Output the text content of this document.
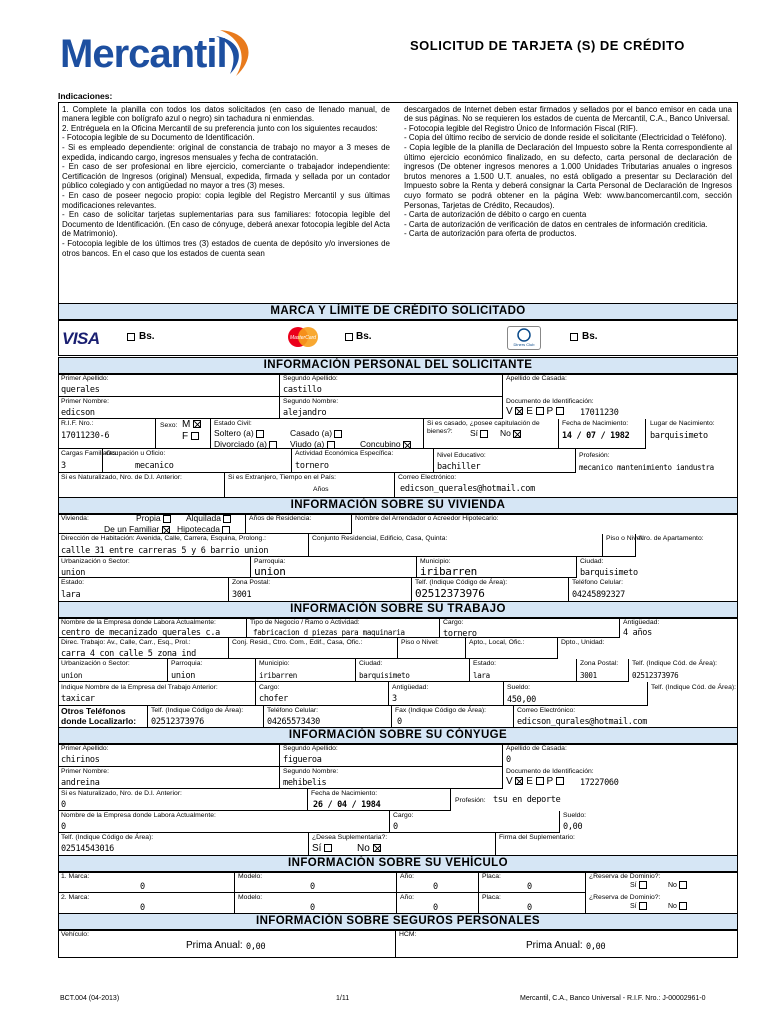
Mercantil	SOLICITUD DE TARJETA (S) DE CRÉDITO
Indicaciones:

1. Complete la planilla con todos los datos solicitados (en caso de llenado manual, de manera legible con bolígrafo azul o negro) sin tachadura ni enmiendas.

2. Entréguela en la Oficina Mercantil de su preferencia junto con los siguientes recaudos:

- Fotocopia legible de su Documento de Identificación.

- Si es empleado dependiente: original de constancia de trabajo no mayor a 3 meses de expedida, indicando cargo, ingresos mensuales y fecha de contratación.

- En caso de ser profesional en libre ejercicio, comerciante o trabajador independiente: Certificación de Ingresos (original) Mensual, expedida, firmada y sellada por un contador público colegiado y con antigüedad no mayor a tres (3) meses.

- En caso de poseer negocio propio: copia legible del Registro Mercantil y sus últimas modificaciones relevantes.

- En caso de solicitar tarjetas suplementarias para sus familiares: fotocopia legible del Documento de Identificación. (En caso de cónyuge, deberá anexar fotocopia legible del Acta de Matrimonio).

- Fotocopia legible de los últimos tres (3) estados de cuenta de depósito y/o inversiones de otros bancos. En el caso que los estados de cuenta sean

descargados de Internet deben estar firmados y sellados por el banco emisor en cada una de sus páginas. No se requieren los estados de cuenta de Mercantil, C.A., Banco Universal.

- Fotocopia legible del Registro Único de Información Fiscal (RIF).

- Copia del último recibo de servicio de donde reside el solicitante (Electricidad o Teléfono).

- Copia legible de la planilla de Declaración del Impuesto sobre la Renta correspondiente al último ejercicio económico finalizado, en su defecto, carta personal de declaración de ingresos (De obtener ingresos menores a 1.000 Unidades Tributarias anuales o ingresos brutos menores a 1.500 U.T. anuales, no está obligado a presentar su Declaración del Impuesto sobre la Renta y deberá consignar la Carta Personal de Declaración de Ingresos cuyo formato se podrá obtener en la página Web: www.bancomercantil.com, sección Personas, Tarjetas de Crédito, Recaudos).

- Carta de autorización de débito o cargo en cuenta

- Carta de autorización de verificación de datos en centrales de información crediticia.

- Carta de autorización para oferta de productos.

MARCA Y LÍMITE DE CRÉDITO SOLICITADO
VISA	Bs.	MasterCard	Bs.
Diners Club
Bs.
INFORMACIÓN PERSONAL DEL SOLICITANTE
Primer Apellido:
querales
Segundo Apellido:
castillo
Apellido de Casada:
Primer Nombre:
edicson
Segundo Nombre:
alejandro
Documento de Identificación:
V E P	17011230
R.I.F. Nro.:
17011230-6
Sexo: M
F
Estado Civil:
Soltero (a)	Casado (a)
Divorciado (a)	Viudo (a)	Concubino
Si es casado, ¿posee capitulación de bienes?:	Sí	No
Fecha de Nacimiento:
14 / 07 / 1982
Lugar de Nacimiento:
barquisimeto
Cargas Familiares:
3
Ocupación u Oficio:
mecanico
Actividad Económica Específica:
tornero
Nivel Educativo:
bachiller
Profesión:
mecanico mantenimiento iandustra
Si es Naturalizado, Nro. de D.I. Anterior:	Si es Extranjero, Tiempo en el País:
Años
Correo Electrónico:
edicson_querales@hotmail.com
INFORMACIÓN SOBRE SU VIVIENDA
Vivienda:	Propia	Alquilada
De un Familiar	Hipotecada
Años de Residencia:	Nombre del Arrendador o Acreedor Hipotecario:
Dirección de Habitación: Avenida, Calle, Carrera, Esquina, Prolong.:
callle 31 entre carreras 5 y 6 barrio union
Conjunto Residencial, Edificio, Casa, Quinta:	Piso o Nivel:
Nro. de Apartamento:
Urbanización o Sector:
union
Parroquia:
union
Municipio:
iribarren
Ciudad:
barquisimeto
Estado:
lara
Zona Postal:
3001
Telf. (Indique Código de Área):
02512373976
Teléfono Celular:
04245892327
INFORMACIÓN SOBRE SU TRABAJO
Nombre de la Empresa donde Labora Actualmente:
centro de mecanizado querales c.a
Tipo de Negocio / Ramo o Actividad:
fabricacion d piezas para maquinaria
Cargo:
tornero
Antigüedad:
4 años
Direc. Trabajo: Av., Calle, Carr., Esq., Prol.:
carra 4 con calle 5 zona ind
Conj. Resid., Ctro. Com., Edif., Casa, Ofic.:	Piso o Nivel:	Apto., Local, Ofic.:	Dpto., Unidad:
Urbanización o Sector:
union
Parroquia:
union
Municipio:
iribarren
Ciudad:
barquisimeto
Estado:
lara
Zona Postal:
3001
Telf. (Indique Cód. de Área):
02512373976
Indique Nombre de la Empresa del Trabajo Anterior:
taxicar
Cargo:
chofer
Antigüedad:
3
Sueldo:
450,00
Telf. (Indique Cód. de Área):
Otros Teléfonos
donde Localizarlo:
Telf. (Indique Código de Área):
02512373976
Teléfono Celular:
04265573430
Fax (Indique Código de Área):
0
Correo Electrónico:
edicson_qurales@hotmail.com
INFORMACIÓN SOBRE SU CÓNYUGE
Primer Apellido:
chirinos
Segundo Apellido:
figueroa
Apellido de Casada:
0
Primer Nombre:
andreina
Segundo Nombre:
mehibelis
Documento de Identificación:
V E P	17227060
Si es Naturalizado, Nro. de D.I. Anterior:
0
Fecha de Nacimiento:
26 / 04 / 1984	Profesión: tsu en deporte
Nombre de la Empresa donde Labora Actualmente:
0
Cargo:
0
Sueldo:
0,00
Telf. (Indique Código de Área):
02514543016
¿Desea Suplementaria?:
Sí	No
Firma del Suplementario:
INFORMACIÓN SOBRE SU VEHÍCULO
1. Marca:
0
Modelo:
0
Año:
0
Placa:
0
¿Reserva de Dominio?:
Sí	No
2. Marca:
0
Modelo:
0
Año:
0
Placa:
0
¿Reserva de Dominio?:
Sí	No
INFORMACIÓN SOBRE SEGUROS PERSONALES
Vehículo:
Prima Anual: 0,00
HCM:
Prima Anual: 0,00
BCT.004 (04-2013)	1/11	Mercantil, C.A., Banco Universal - R.I.F. Nro.: J-00002961-0
